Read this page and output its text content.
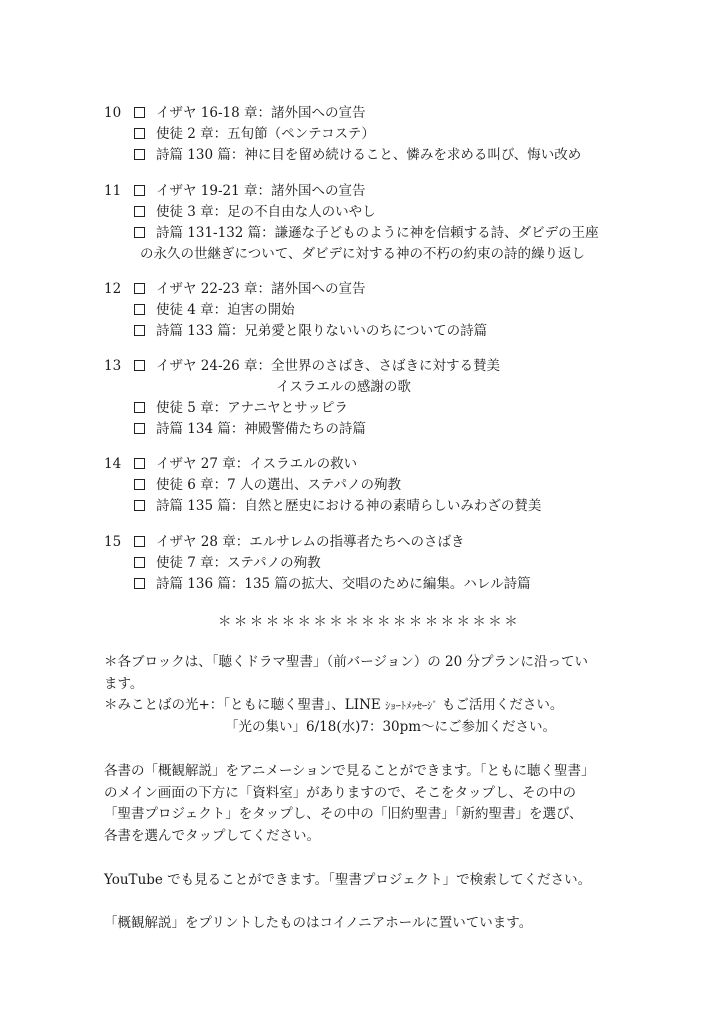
10	イザヤ 16-18 章：諸外国への宣告
使徒 2 章：五旬節（ペンテコステ）
詩篇 130 篇：神に目を留め続けること、憐みを求める叫び、悔い改め
11	イザヤ 19-21 章：諸外国への宣告
使徒 3 章：足の不自由な人のいやし
詩篇 131-132 篇：謙遜な子どものように神を信頼する詩、ダビデの王座
の永久の世継ぎについて、ダビデに対する神の不朽の約束の詩的繰り返し
12	イザヤ 22-23 章：諸外国への宣告
使徒 4 章：迫害の開始
詩篇 133 篇：兄弟愛と限りないいのちについての詩篇
13	イザヤ 24-26 章：全世界のさばき、さばきに対する賛美
イスラエルの感謝の歌
使徒 5 章：アナニヤとサッピラ
詩篇 134 篇：神殿警備たちの詩篇
14	イザヤ 27 章：イスラエルの救い
使徒 6 章：7 人の選出、ステパノの殉教
詩篇 135 篇：自然と歴史における神の素晴らしいみわざの賛美
15	イザヤ 28 章：エルサレムの指導者たちへのさばき
使徒 7 章：ステパノの殉教
詩篇 136 篇：135 篇の拡大、交唱のために編集。ハレル詩篇
＊＊＊＊＊＊＊＊＊＊＊＊＊＊＊＊＊＊＊
＊各ブロックは、「聴くドラマ聖書」（前バージョン）の 20 分プランに沿ってい
ます。
＊みことばの光+：「ともに聴く聖書」、LINE ｼｮｰﾄﾒｯｾｰｼﾞ もご活用ください。
「光の集い」6/18(水)7：30pm〜にご参加ください。
各書の「概観解説」をアニメーションで見ることができます。「ともに聴く聖書」
のメイン画面の下方に「資料室」がありますので、そこをタップし、その中の
「聖書プロジェクト」をタップし、その中の「旧約聖書」「新約聖書」を選び、
各書を選んでタップしてください。
YouTube でも見ることができます。「聖書プロジェクト」で検索してください。
「概観解説」をプリントしたものはコイノニアホールに置いています。
